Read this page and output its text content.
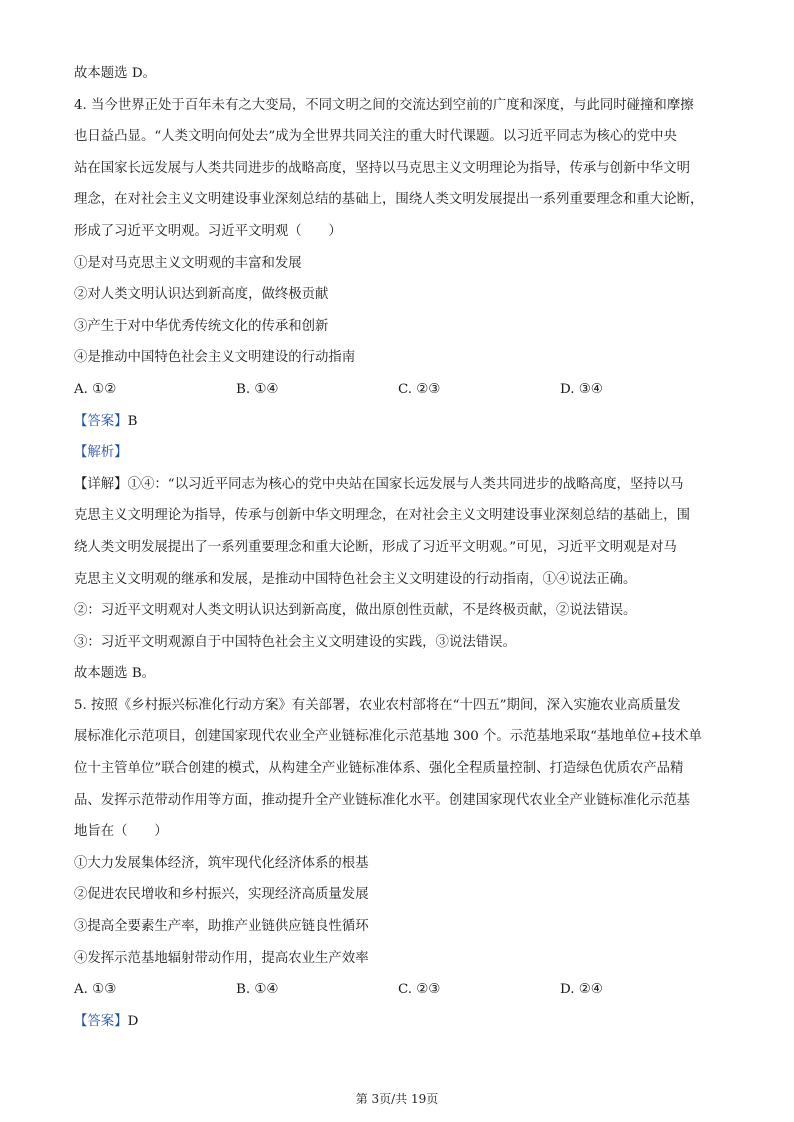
故本题选 D。
4. 当今世界正处于百年未有之大变局，不同文明之间的交流达到空前的广度和深度，与此同时碰撞和摩擦
也日益凸显。“人类文明向何处去”成为全世界共同关注的重大时代课题。以习近平同志为核心的党中央
站在国家长远发展与人类共同进步的战略高度，坚持以马克思主义文明理论为指导，传承与创新中华文明
理念，在对社会主义文明建设事业深刻总结的基础上，围绕人类文明发展提出一系列重要理念和重大论断，
形成了习近平文明观。习近平文明观（　　）
①是对马克思主义文明观的丰富和发展
②对人类文明认识达到新高度，做终极贡献
③产生于对中华优秀传统文化的传承和创新
④是推动中国特色社会主义文明建设的行动指南
A. ①②	B. ①④	C. ②③	D. ③④
【答案】B
【解析】
【详解】①④：“以习近平同志为核心的党中央站在国家长远发展与人类共同进步的战略高度，坚持以马
克思主义文明理论为指导，传承与创新中华文明理念，在对社会主义文明建设事业深刻总结的基础上，围
绕人类文明发展提出了一系列重要理念和重大论断，形成了习近平文明观。”可见，习近平文明观是对马
克思主义文明观的继承和发展，是推动中国特色社会主义文明建设的行动指南，①④说法正确。
②：习近平文明观对人类文明认识达到新高度，做出原创性贡献，不是终极贡献，②说法错误。
③：习近平文明观源自于中国特色社会主义文明建设的实践，③说法错误。
故本题选 B。
5. 按照《乡村振兴标准化行动方案》有关部署，农业农村部将在“十四五”期间，深入实施农业高质量发
展标准化示范项目，创建国家现代农业全产业链标准化示范基地 300 个。示范基地采取“基地单位+技术单
位十主管单位”联合创建的模式，从构建全产业链标准体系、强化全程质量控制、打造绿色优质农产品精
品、发挥示范带动作用等方面，推动提升全产业链标准化水平。创建国家现代农业全产业链标准化示范基
地旨在（　　）
①大力发展集体经济，筑牢现代化经济体系的根基
②促进农民增收和乡村振兴，实现经济高质量发展
③提高全要素生产率，助推产业链供应链良性循环
④发挥示范基地辐射带动作用，提高农业生产效率
A. ①③	B. ①④	C. ②③	D. ②④
【答案】D
第 3页/共 19页
